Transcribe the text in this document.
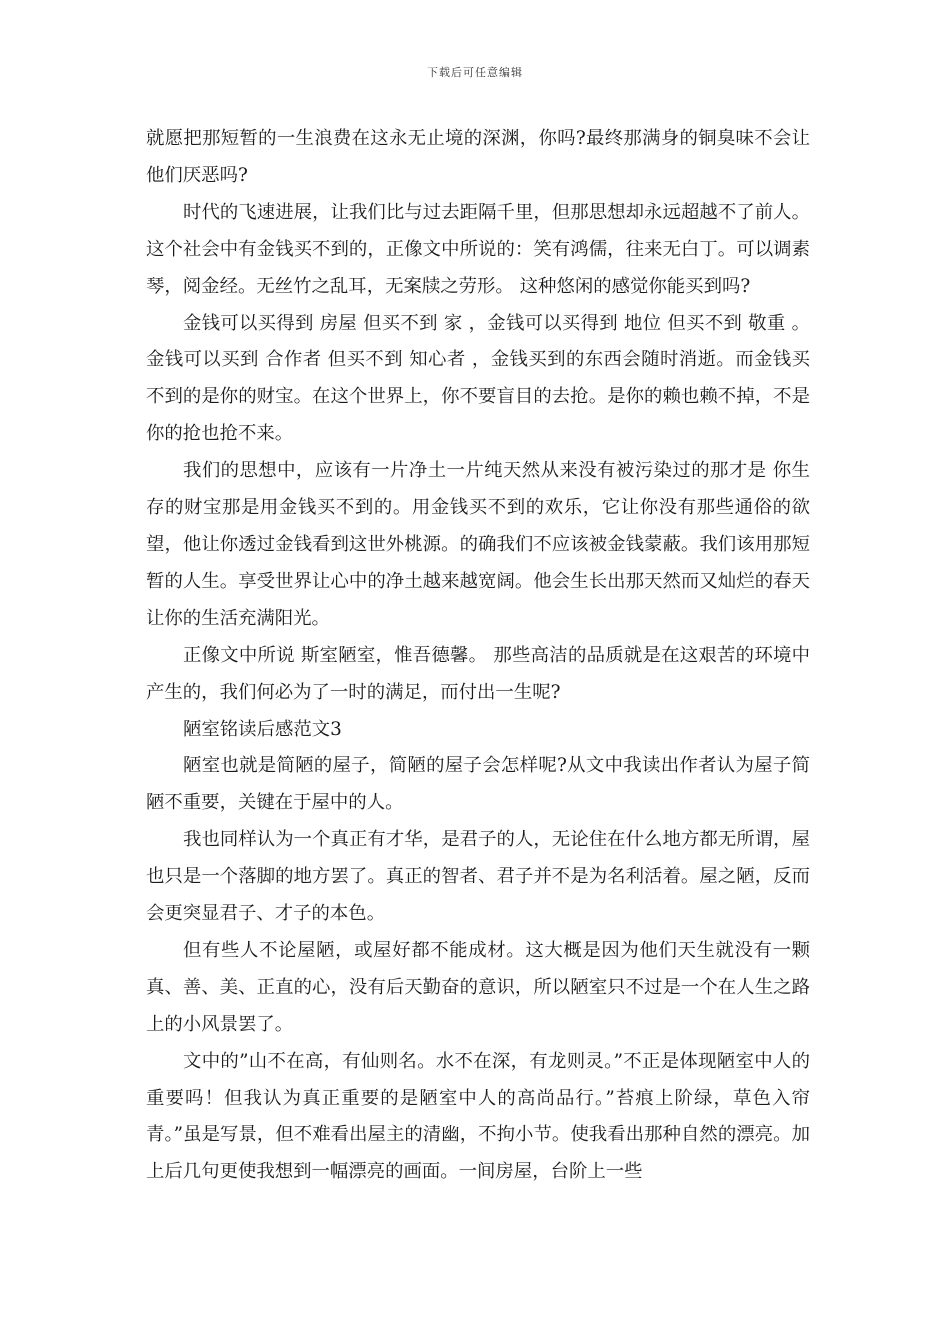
下载后可任意编辑

就愿把那短暂的一生浪费在这永无止境的深渊，你吗?最终那满身的铜臭味不会让他们厌恶吗?

时代的飞速进展，让我们比与过去距隔千里，但那思想却永远超越不了前人。这个社会中有金钱买不到的，正像文中所说的：笑有鸿儒，往来无白丁。可以调素琴，阅金经。无丝竹之乱耳，无案牍之劳形。 这种悠闲的感觉你能买到吗?

金钱可以买得到 房屋 但买不到 家 ，金钱可以买得到 地位 但买不到 敬重 。金钱可以买到 合作者 但买不到 知心者 ，金钱买到的东西会随时消逝。而金钱买不到的是你的财宝。在这个世界上，你不要盲目的去抢。是你的赖也赖不掉，不是你的抢也抢不来。

我们的思想中，应该有一片净土一片纯天然从来没有被污染过的那才是 你生存的财宝那是用金钱买不到的。用金钱买不到的欢乐，它让你没有那些通俗的欲望，他让你透过金钱看到这世外桃源。的确我们不应该被金钱蒙蔽。我们该用那短暂的人生。享受世界让心中的净土越来越宽阔。他会生长出那天然而又灿烂的春天让你的生活充满阳光。

正像文中所说 斯室陋室，惟吾德馨。 那些高洁的品质就是在这艰苦的环境中产生的，我们何必为了一时的满足，而付出一生呢?

陋室铭读后感范文3

陋室也就是简陋的屋子，简陋的屋子会怎样呢?从文中我读出作者认为屋子简陋不重要，关键在于屋中的人。

我也同样认为一个真正有才华，是君子的人，无论住在什么地方都无所谓，屋也只是一个落脚的地方罢了。真正的智者、君子并不是为名利活着。屋之陋，反而会更突显君子、才子的本色。

但有些人不论屋陋，或屋好都不能成材。这大概是因为他们天生就没有一颗真、善、美、正直的心，没有后天勤奋的意识，所以陋室只不过是一个在人生之路上的小风景罢了。

文中的”山不在高，有仙则名。水不在深，有龙则灵。”不正是体现陋室中人的重要吗！但我认为真正重要的是陋室中人的高尚品行。”苔痕上阶绿，草色入帘青。”虽是写景，但不难看出屋主的清幽，不拘小节。使我看出那种自然的漂亮。加上后几句更使我想到一幅漂亮的画面。一间房屋，台阶上一些
